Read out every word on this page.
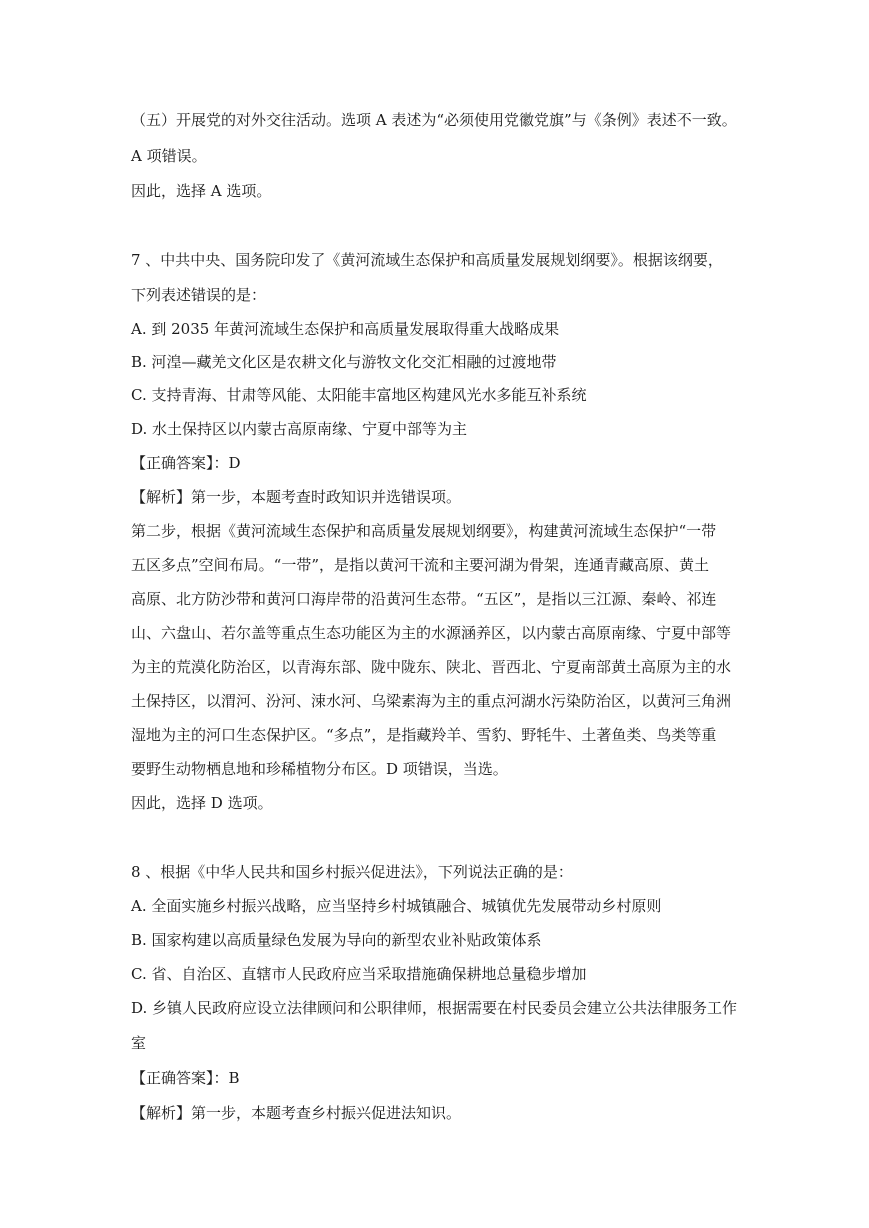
（五）开展党的对外交往活动。选项 A 表述为“必须使用党徽党旗”与《条例》表述不一致。
A 项错误。
因此，选择 A 选项。
7 、中共中央、国务院印发了《黄河流域生态保护和高质量发展规划纲要》。根据该纲要，
下列表述错误的是：
A. 到 2035 年黄河流域生态保护和高质量发展取得重大战略成果
B. 河湟—藏羌文化区是农耕文化与游牧文化交汇相融的过渡地带
C. 支持青海、甘肃等风能、太阳能丰富地区构建风光水多能互补系统
D. 水土保持区以内蒙古高原南缘、宁夏中部等为主
【正确答案】：D
【解析】第一步，本题考查时政知识并选错误项。
第二步，根据《黄河流域生态保护和高质量发展规划纲要》，构建黄河流域生态保护“一带
五区多点”空间布局。“一带”，是指以黄河干流和主要河湖为骨架，连通青藏高原、黄土
高原、北方防沙带和黄河口海岸带的沿黄河生态带。“五区”，是指以三江源、秦岭、祁连
山、六盘山、若尔盖等重点生态功能区为主的水源涵养区，以内蒙古高原南缘、宁夏中部等
为主的荒漠化防治区，以青海东部、陇中陇东、陕北、晋西北、宁夏南部黄土高原为主的水
土保持区，以渭河、汾河、涑水河、乌梁素海为主的重点河湖水污染防治区，以黄河三角洲
湿地为主的河口生态保护区。“多点”，是指藏羚羊、雪豹、野牦牛、土著鱼类、鸟类等重
要野生动物栖息地和珍稀植物分布区。D 项错误，当选。
因此，选择 D 选项。
8 、根据《中华人民共和国乡村振兴促进法》，下列说法正确的是：
A. 全面实施乡村振兴战略，应当坚持乡村城镇融合、城镇优先发展带动乡村原则
B. 国家构建以高质量绿色发展为导向的新型农业补贴政策体系
C. 省、自治区、直辖市人民政府应当采取措施确保耕地总量稳步增加
D. 乡镇人民政府应设立法律顾问和公职律师，根据需要在村民委员会建立公共法律服务工作
室
【正确答案】：B
【解析】第一步，本题考查乡村振兴促进法知识。
